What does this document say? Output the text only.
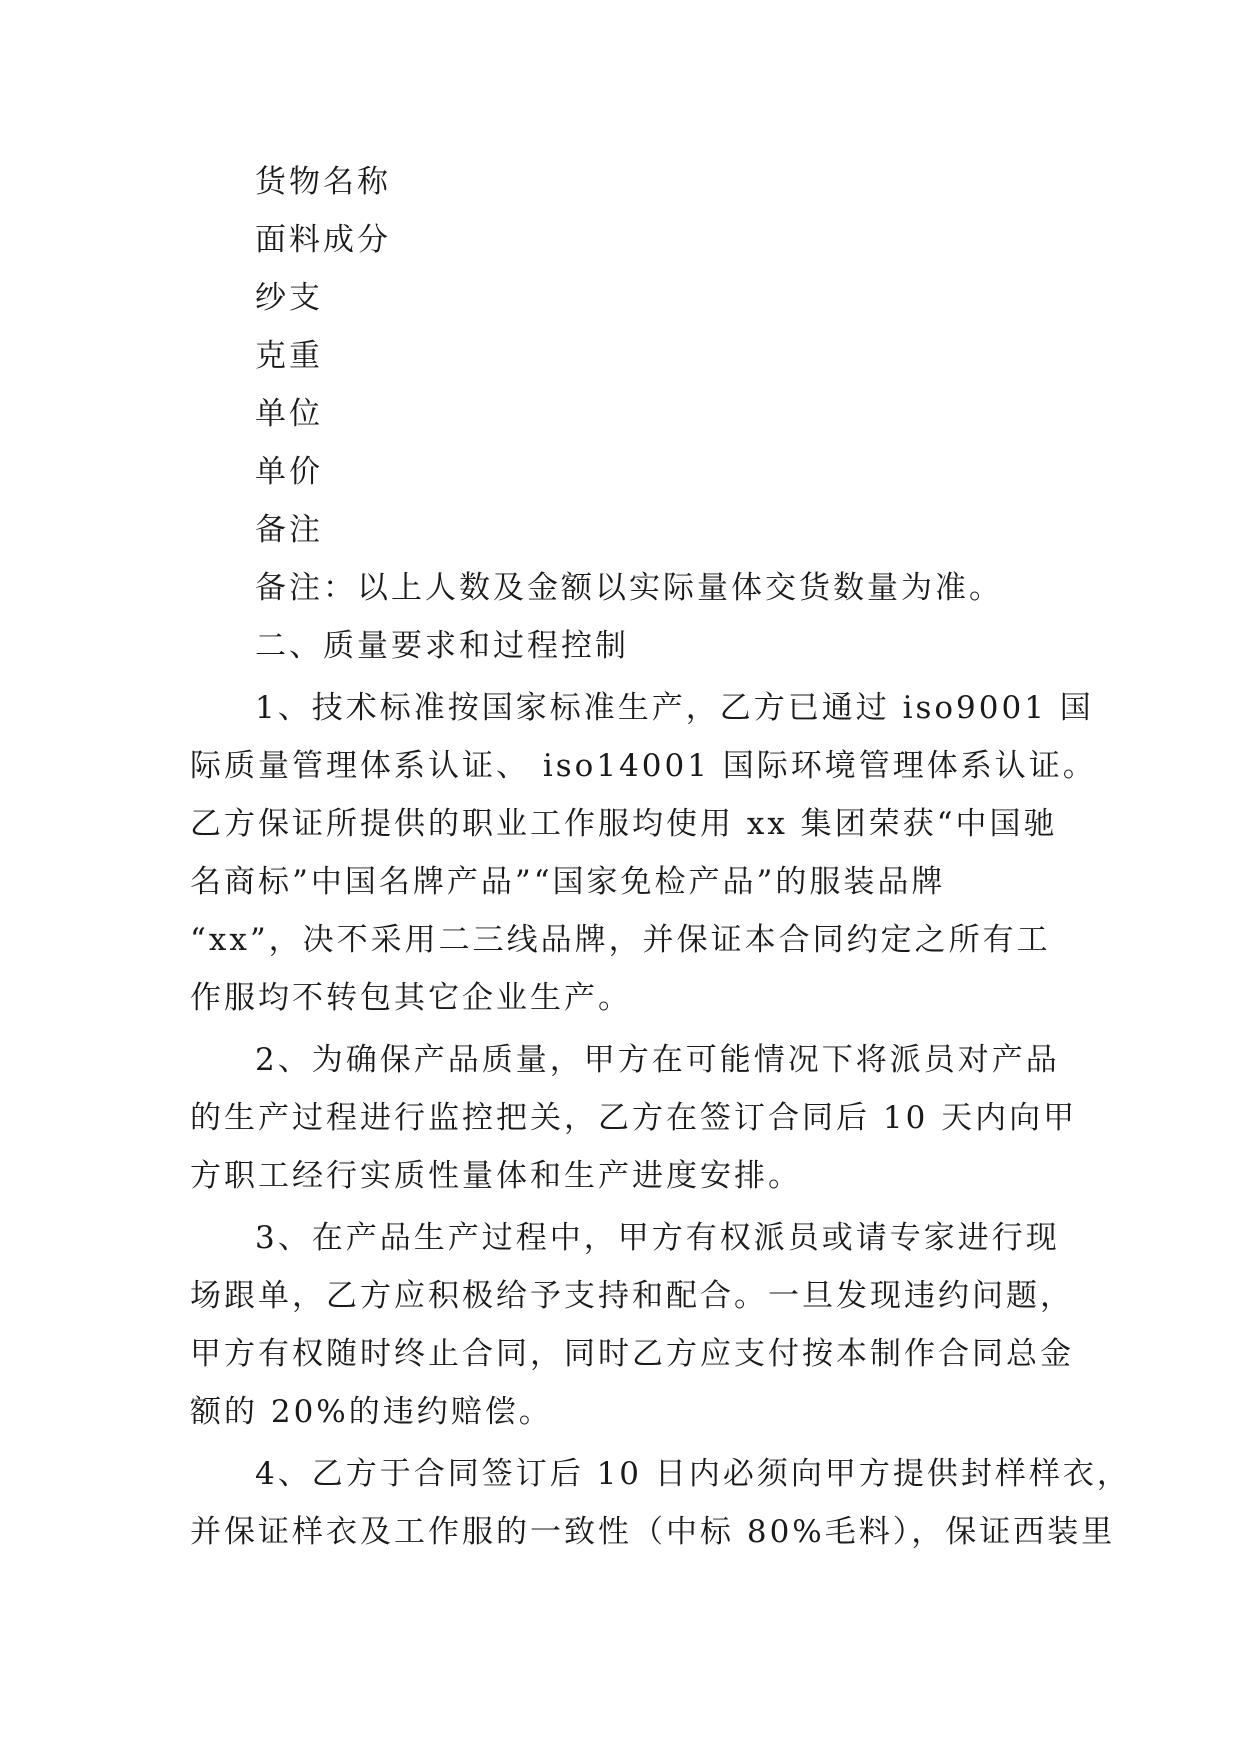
货物名称
面料成分
纱支
克重
单位
单价
备注
备注：以上人数及金额以实际量体交货数量为准。
二、质量要求和过程控制
1、技术标准按国家标准生产，乙方已通过 iso9001 国
际质量管理体系认证、 iso14001 国际环境管理体系认证。
乙方保证所提供的职业工作服均使用 xx 集团荣获“中国驰
名商标”中国名牌产品”“国家免检产品”的服装品牌
“xx”，决不采用二三线品牌，并保证本合同约定之所有工
作服均不转包其它企业生产。
2、为确保产品质量，甲方在可能情况下将派员对产品
的生产过程进行监控把关，乙方在签订合同后 10 天内向甲
方职工经行实质性量体和生产进度安排。
3、在产品生产过程中，甲方有权派员或请专家进行现
场跟单，乙方应积极给予支持和配合。一旦发现违约问题，
甲方有权随时终止合同，同时乙方应支付按本制作合同总金
额的 20%的违约赔偿。
4、乙方于合同签订后 10 日内必须向甲方提供封样样衣，
并保证样衣及工作服的一致性（中标 80%毛料），保证西装里
